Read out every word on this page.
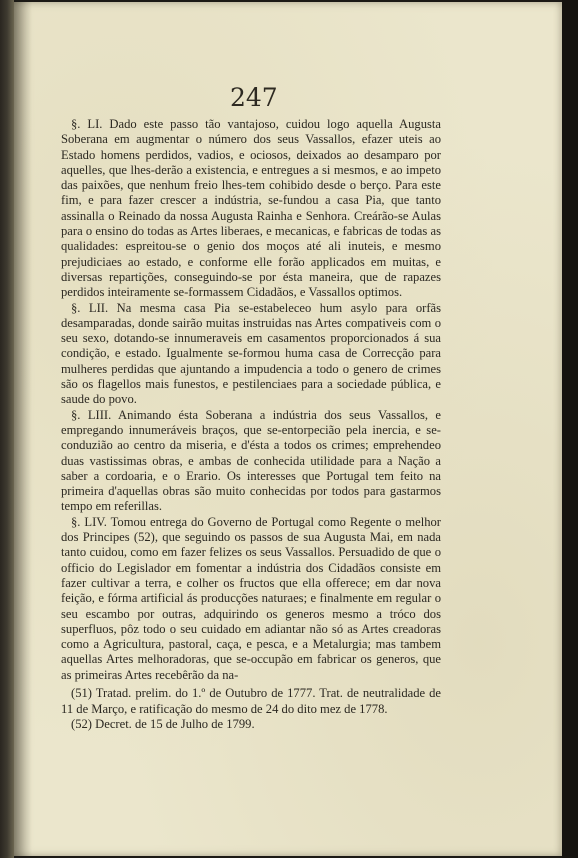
247

§. LI. Dado este passo tão vantajoso, cuidou logo aquella Augusta Soberana em augmentar o número dos seus Vassallos, efazer uteis ao Estado homens perdidos, vadios, e ociosos, deixados ao desamparo por aquelles, que lhes-derão a existencia, e entregues a si mesmos, e ao impeto das paixões, que nenhum freio lhes-tem cohibido desde o berço. Para este fim, e para fazer crescer a indústria, se-fundou a casa Pia, que tanto assinalla o Reinado da nossa Augusta Rainha e Senhora. Creárão-se Aulas para o ensino do todas as Artes liberaes, e mecanicas, e fabricas de todas as qualidades: espreitou-se o genio dos moços até ali inuteis, e mesmo prejudiciaes ao estado, e conforme elle forão applicados em muitas, e diversas repartições, conseguindo-se por ésta maneira, que de rapazes perdidos inteiramente se-formassem Cidadãos, e Vassallos optimos.

§. LII. Na mesma casa Pia se-estabeleceo hum asylo para orfãs desamparadas, donde sairão muitas instruidas nas Artes compativeis com o seu sexo, dotando-se innumeraveis em casamentos proporcionados á sua condição, e estado. Igualmente se-formou huma casa de Correcção para mulheres perdidas que ajuntando a impudencia a todo o genero de crimes são os flagellos mais funestos, e pestilenciaes para a sociedade pública, e saude do povo.

§. LIII. Animando ésta Soberana a indústria dos seus Vassallos, e empregando innumeráveis braços, que se-entorpecião pela inercia, e se-conduzião ao centro da miseria, e d'ésta a todos os crimes; emprehendeo duas vastissimas obras, e ambas de conhecida utilidade para a Nação a saber a cordoaria, e o Erario. Os interesses que Portugal tem feito na primeira d'aquellas obras são muito conhecidas por todos para gastarmos tempo em referillas.

§. LIV. Tomou entrega do Governo de Portugal como Regente o melhor dos Principes (52), que seguindo os passos de sua Augusta Mai, em nada tanto cuidou, como em fazer felizes os seus Vassallos. Persuadido de que o officio do Legislador em fomentar a indústria dos Cidadãos consiste em fazer cultivar a terra, e colher os fructos que ella offerece; em dar nova feição, e fórma artificial ás producções naturaes; e finalmente em regular o seu escambo por outras, adquirindo os generos mesmo a tróco dos superfluos, pôz todo o seu cuidado em adiantar não só as Artes creadoras como a Agricultura, pastoral, caça, e pesca, e a Metalurgia; mas tambem aquellas Artes melhoradoras, que se-occupão em fabricar os generos, que as primeiras Artes recebêrão da na-

(51) Tratad. prelim. do 1.º de Outubro de 1777. Trat. de neutralidade de 11 de Março, e ratificação do mesmo de 24 do dito mez de 1778.

(52) Decret. de 15 de Julho de 1799.
